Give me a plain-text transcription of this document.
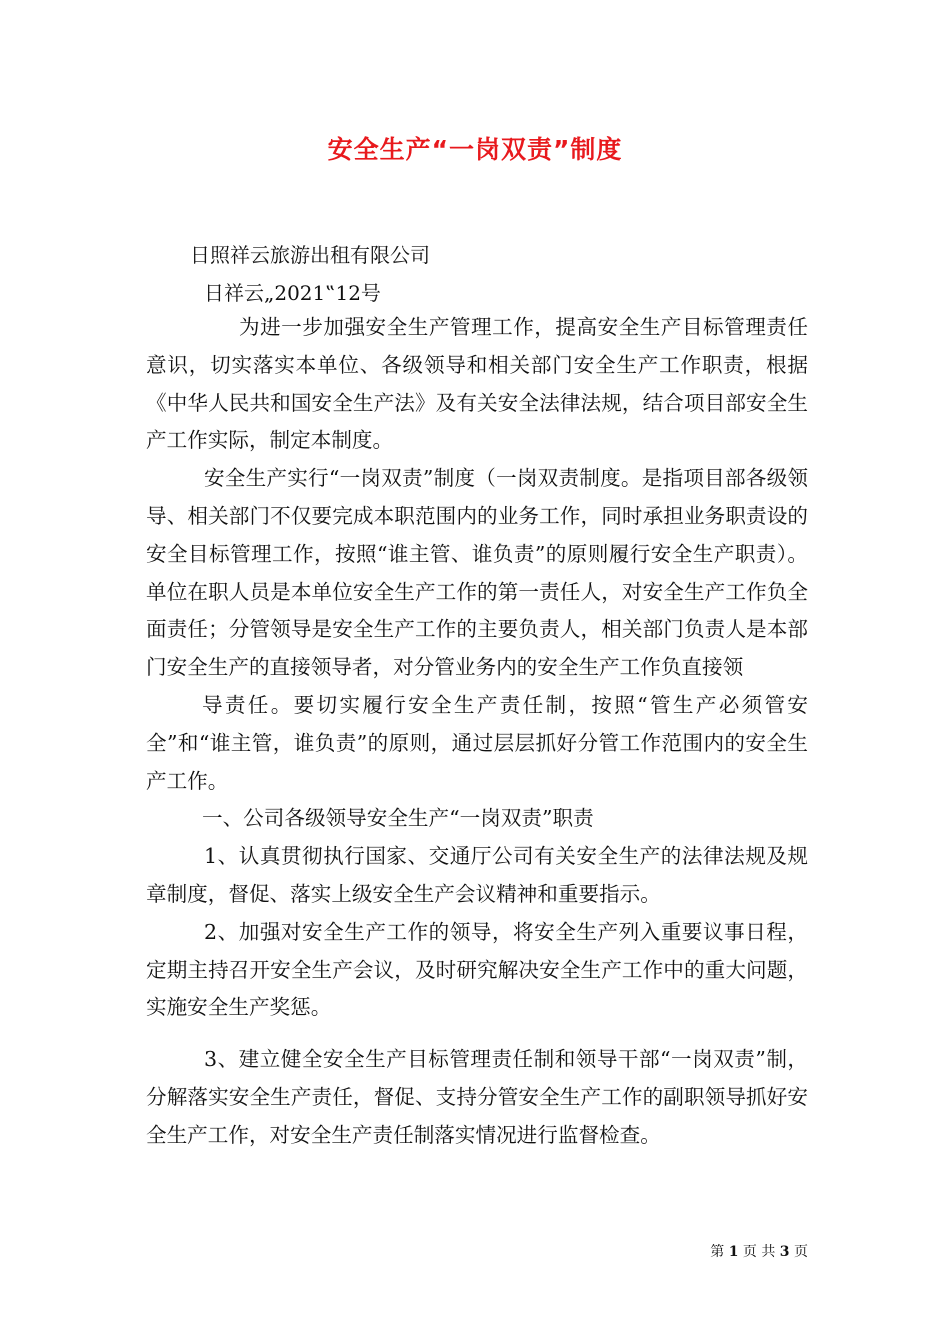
安全生产“一岗双责”制度
日照祥云旅游出租有限公司
日祥云„2021‟12号

为进一步加强安全生产管理工作，提高安全生产目标管理责任意识，切实落实本单位、各级领导和相关部门安全生产工作职责，根据《中华人民共和国安全生产法》及有关安全法律法规，结合项目部安全生产工作实际，制定本制度。

安全生产实行“一岗双责”制度（一岗双责制度。是指项目部各级领导、相关部门不仅要完成本职范围内的业务工作，同时承担业务职责设的安全目标管理工作，按照“谁主管、谁负责”的原则履行安全生产职责）。单位在职人员是本单位安全生产工作的第一责任人，对安全生产工作负全面责任；分管领导是安全生产工作的主要负责人，相关部门负责人是本部门安全生产的直接领导者，对分管业务内的安全生产工作负直接领

导责任。要切实履行安全生产责任制，按照“管生产必须管安全”和“谁主管，谁负责”的原则，通过层层抓好分管工作范围内的安全生产工作。

一、公司各级领导安全生产“一岗双责”职责

1、认真贯彻执行国家、交通厅公司有关安全生产的法律法规及规章制度，督促、落实上级安全生产会议精神和重要指示。

2、加强对安全生产工作的领导，将安全生产列入重要议事日程，定期主持召开安全生产会议，及时研究解决安全生产工作中的重大问题，实施安全生产奖惩。

3、建立健全安全生产目标管理责任制和领导干部“一岗双责”制，分解落实安全生产责任，督促、支持分管安全生产工作的副职领导抓好安全生产工作，对安全生产责任制落实情况进行监督检查。

第 1 页 共 3 页
